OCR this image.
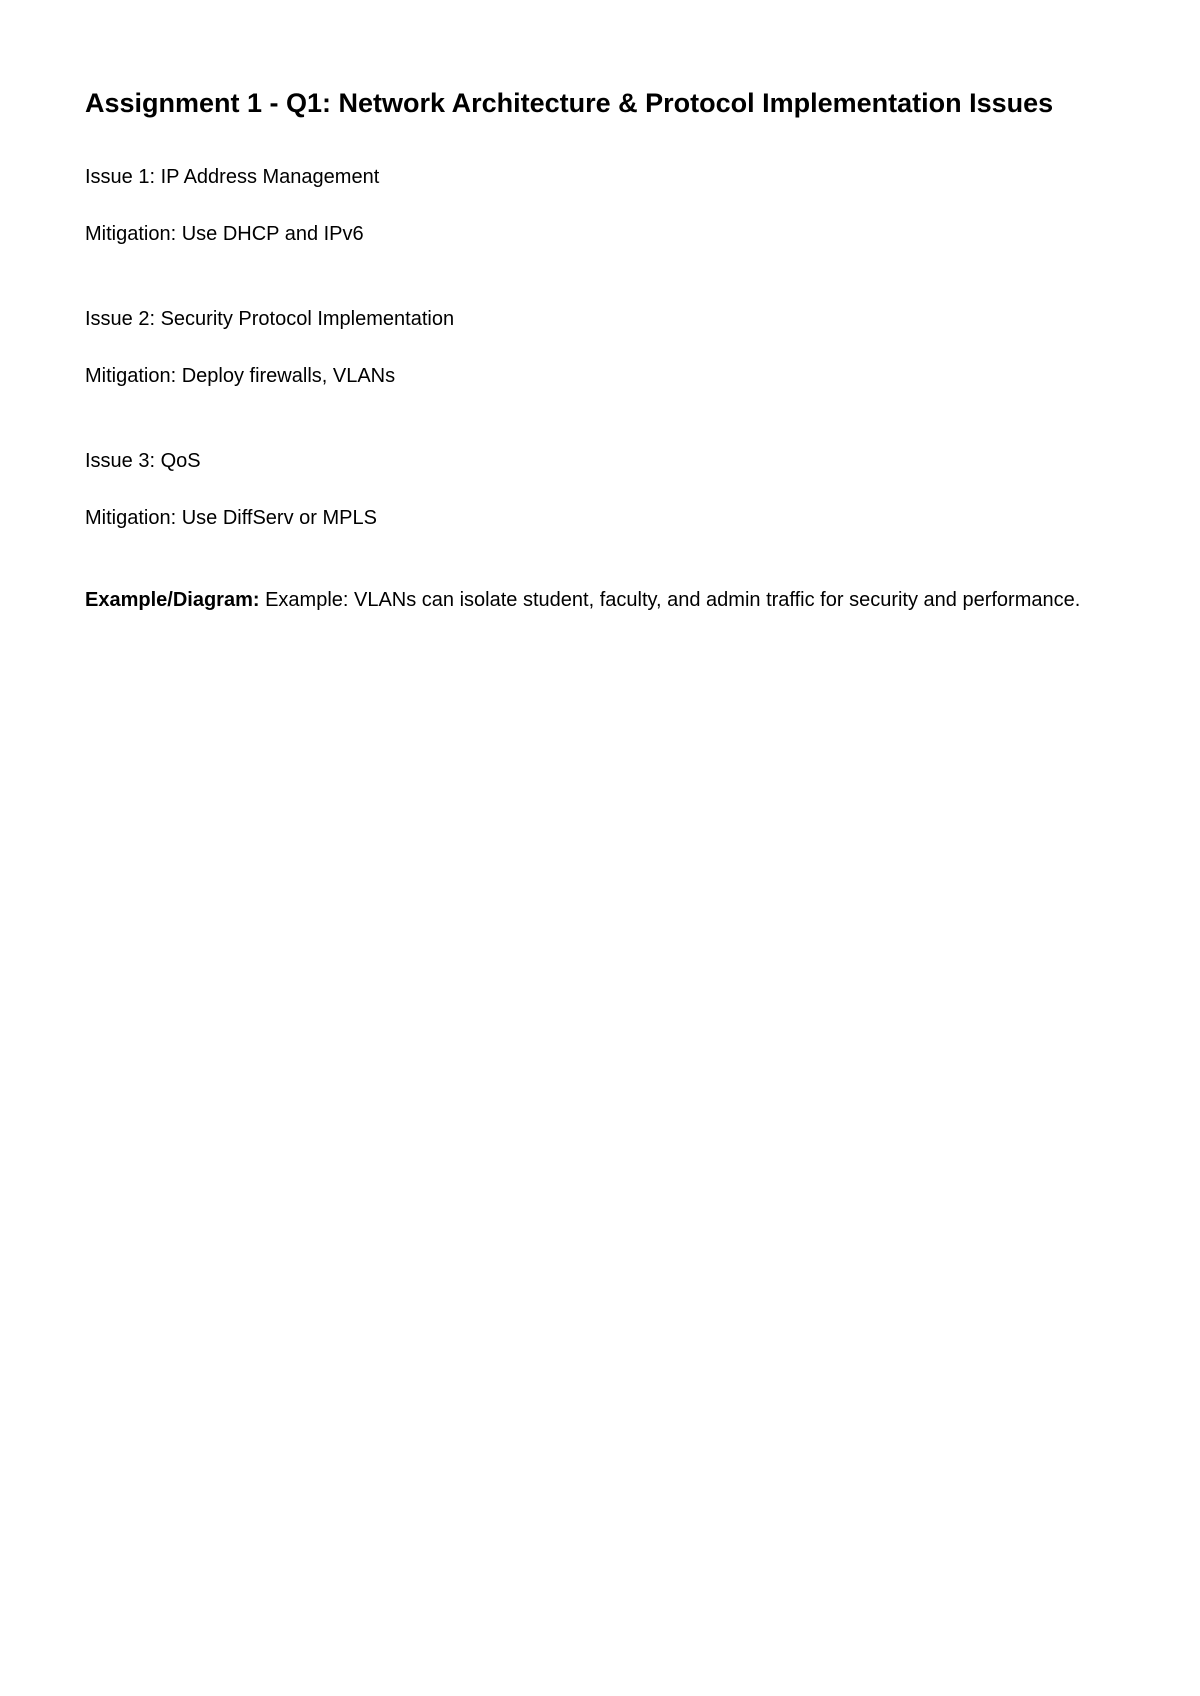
Assignment 1 - Q1: Network Architecture & Protocol Implementation Issues

Issue 1: IP Address Management

Mitigation: Use DHCP and IPv6

Issue 2: Security Protocol Implementation

Mitigation: Deploy firewalls, VLANs

Issue 3: QoS

Mitigation: Use DiffServ or MPLS

Example/Diagram: Example: VLANs can isolate student, faculty, and admin traffic for security and performance.
